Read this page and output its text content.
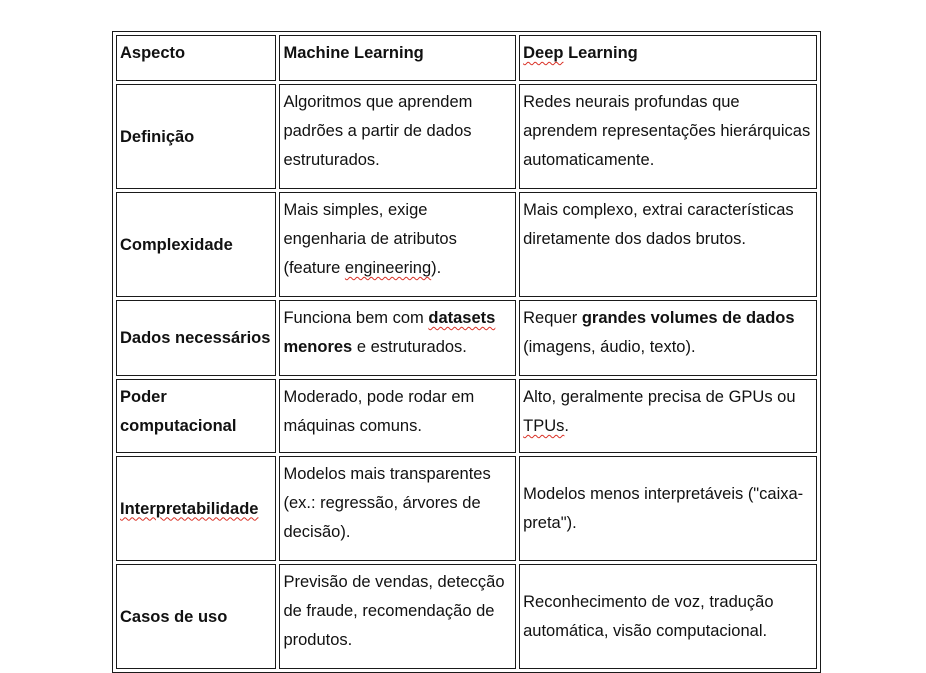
Aspecto	Machine Learning	Deep Learning
Definição	Algoritmos que aprendem padrões a partir de dados estruturados.	Redes neurais profundas que aprendem representações hierárquicas automaticamente.
Complexidade	Mais simples, exige engenharia de atributos (feature engineering).	Mais complexo, extrai características diretamente dos dados brutos.
Dados necessários	Funciona bem com datasets menores e estruturados.	Requer grandes volumes de dados (imagens, áudio, texto).
Poder computacional	Moderado, pode rodar em máquinas comuns.	Alto, geralmente precisa de GPUs ou TPUs.
Interpretabilidade	Modelos mais transparentes (ex.: regressão, árvores de decisão).	Modelos menos interpretáveis ("caixa-preta").
Casos de uso	Previsão de vendas, detecção de fraude, recomendação de produtos.	Reconhecimento de voz, tradução automática, visão computacional.
